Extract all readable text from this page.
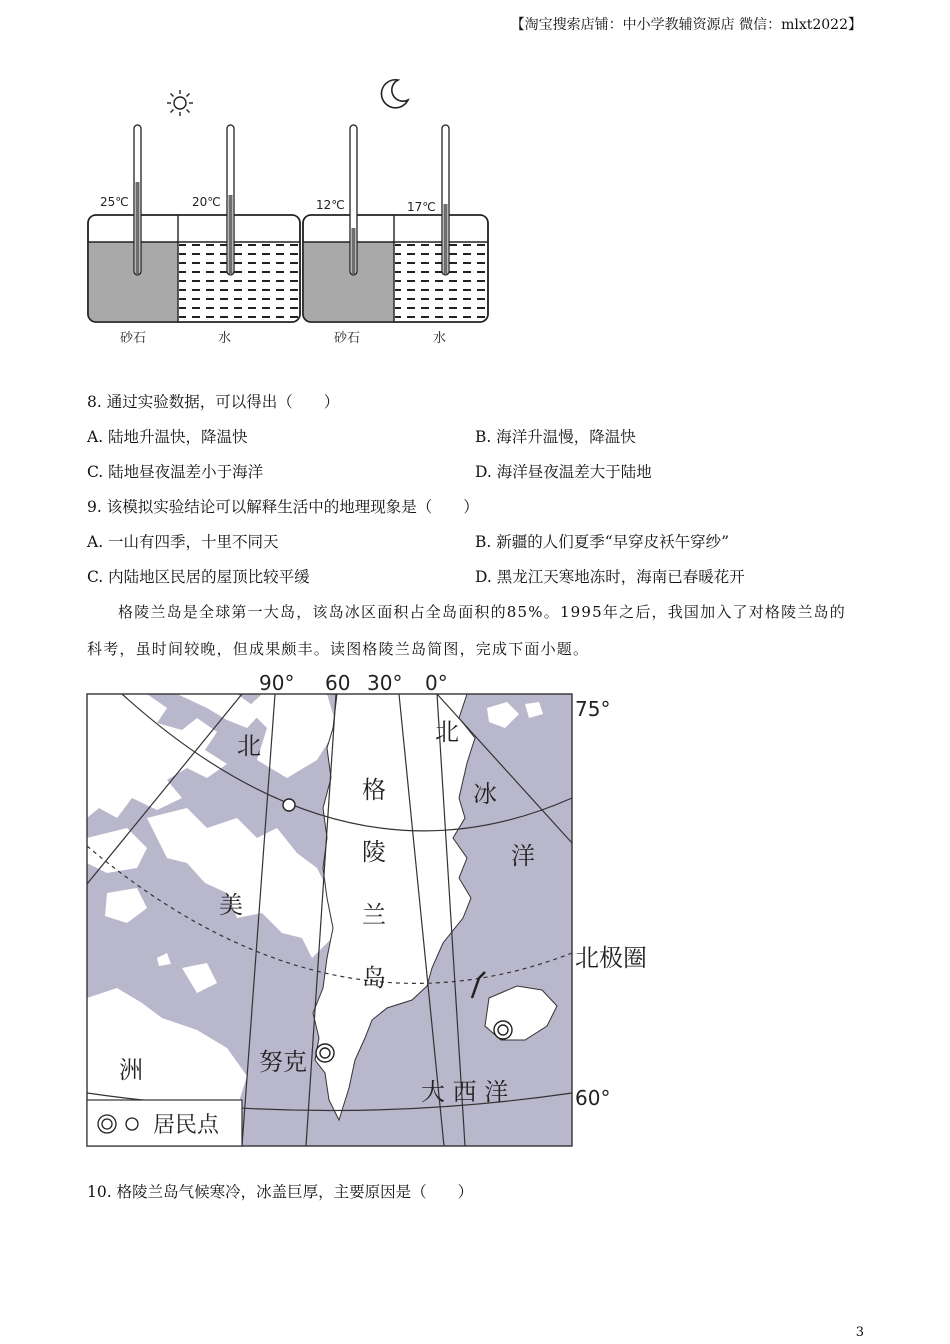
【淘宝搜索店铺：中小学教辅资源店 微信：mlxt2022】
25℃	20℃
砂石	水
12℃	17℃
砂石	水
8. 通过实验数据，可以得出（　　）
A. 陆地升温快，降温快	B. 海洋升温慢，降温快
C. 陆地昼夜温差小于海洋	D. 海洋昼夜温差大于陆地
9. 该模拟实验结论可以解释生活中的地理现象是（　　）
A. 一山有四季，十里不同天	B. 新疆的人们夏季“早穿皮袄午穿纱”
C. 内陆地区民居的屋顶比较平缓	D. 黑龙江天寒地冻时，海南已春暖花开
格陵兰岛是全球第一大岛，该岛冰区面积占全岛面积的85%。1995年之后，我国加入了对格陵兰岛的
科考，虽时间较晚，但成果颇丰。读图格陵兰岛简图，完成下面小题。
居民点
90° 60 30° 0°
75°
60°
格
陵
兰
岛
北
冰
洋
北
美
洲
大 西 洋
努克
北极圈
10. 格陵兰岛气候寒冷，冰盖巨厚，主要原因是（　　）
3
